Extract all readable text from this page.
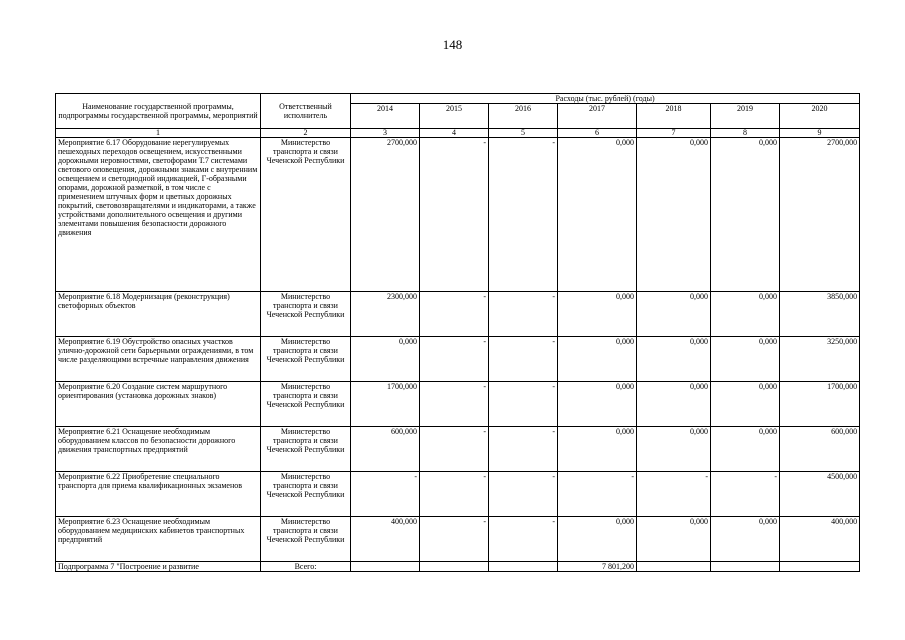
148
Наименование государственной программы, подпрограммы государственной программы, мероприятий	Ответственный исполнитель	Расходы (тыс. рублей) (годы)						
		2014	2015	2016	2017	2018	2019	2020
1	2	3	4	5	6	7	8	9
Мероприятие 6.17 Оборудование нерегулируемых пешеходных переходов освещением, искусственными дорожными неровностями, светофорами Т.7 системами светового оповещения, дорожными знаками с внутренним освещением и светодиодной индикацией, Г-образными опорами, дорожной разметкой, в том числе с применением штучных форм и цветных дорожных покрытий, световозвращателями и индикаторами, а также устройствами дополнительного освещения и другими элементами повышения безопасности дорожного движения	Министерство транспорта и связи Чеченской Республики	2700,000	-	-	0,000	0,000	0,000	2700,000
Мероприятие 6.18 Модернизация (реконструкция) светофорных объектов	Министерство транспорта и связи Чеченской Республики	2300,000	-	-	0,000	0,000	0,000	3850,000
Мероприятие 6.19 Обустройство опасных участков улично-дорожной сети барьерными ограждениями, в том числе разделяющими встречные направления движения	Министерство транспорта и связи Чеченской Республики	0,000	-	-	0,000	0,000	0,000	3250,000
Мероприятие 6.20 Создание систем маршрутного ориентирования (установка дорожных знаков)	Министерство транспорта и связи Чеченской Республики	1700,000	-	-	0,000	0,000	0,000	1700,000
Мероприятие 6.21 Оснащение необходимым оборудованием классов по безопасности дорожного движения транспортных предприятий	Министерство транспорта и связи Чеченской Республики	600,000	-	-	0,000	0,000	0,000	600,000
Мероприятие 6.22 Приобретение специального транспорта для приема квалификационных экзаменов	Министерство транспорта и связи Чеченской Республики	-	-	-	-	-	-	4500,000
Мероприятие 6.23 Оснащение необходимым оборудованием медицинских кабинетов транспортных предприятий	Министерство транспорта и связи Чеченской Республики	400,000	-	-	0,000	0,000	0,000	400,000
Подпрограмма 7 "Построение и развитие	Всего:				7 801,200			
